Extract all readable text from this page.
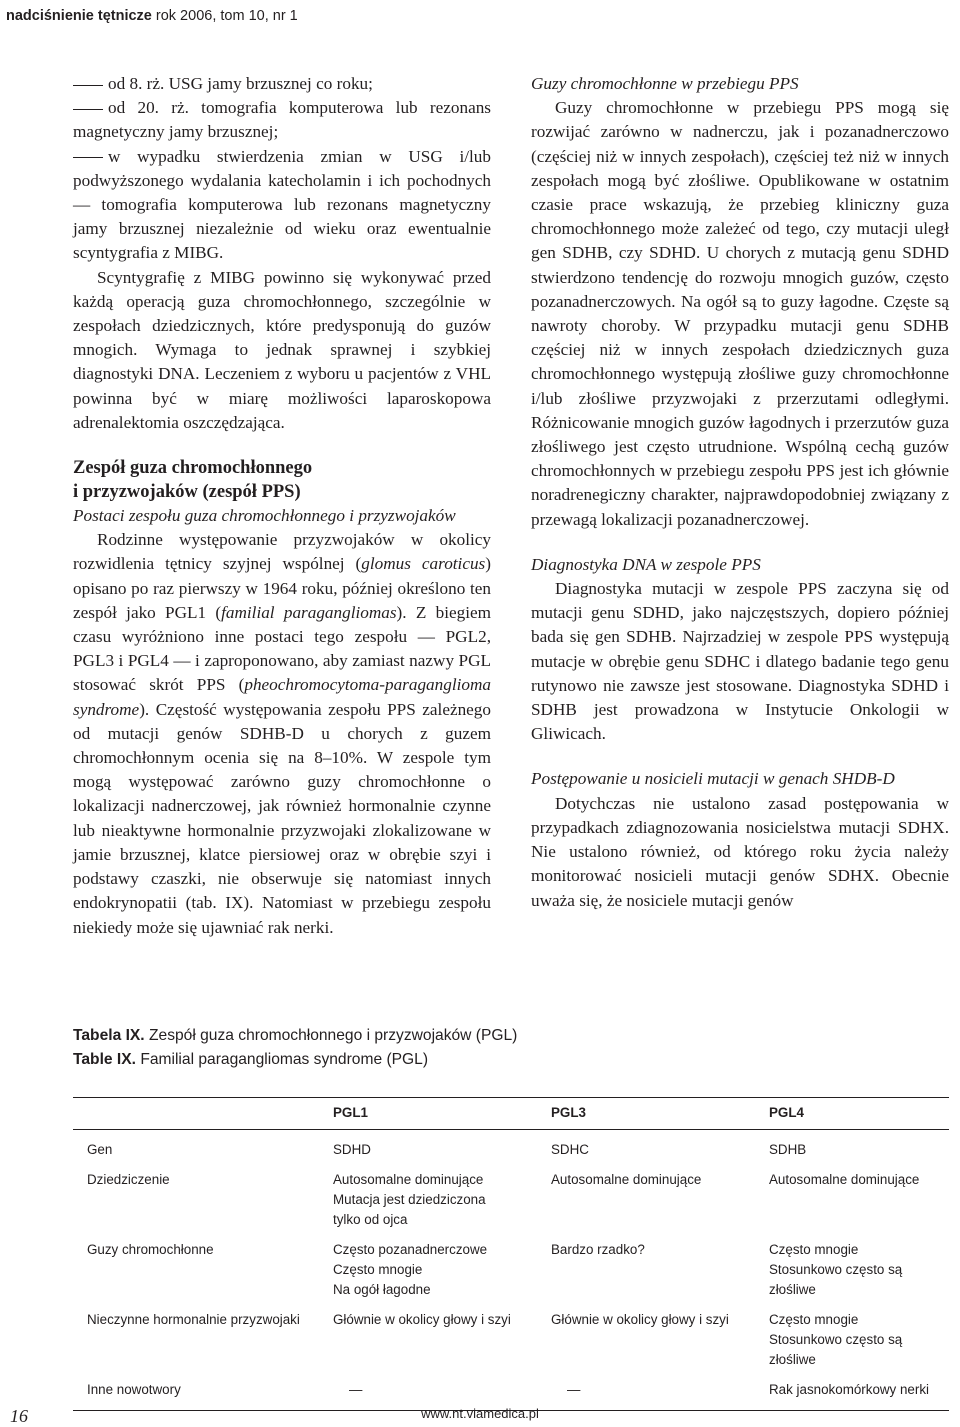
nadciśnienie tętnicze rok 2006, tom 10, nr 1

od 8. rż. USG jamy brzusznej co roku;

od 20. rż. tomografia komputerowa lub rezonans magnetyczny jamy brzusznej;

w wypadku stwierdzenia zmian w USG i/lub podwyższonego wydalania katecholamin i ich pochodnych — tomografia komputerowa lub rezonans magnetyczny jamy brzusznej niezależnie od wieku oraz ewentualnie scyntygrafia z MIBG.

Scyntygrafię z MIBG powinno się wykonywać przed każdą operacją guza chromochłonnego, szczególnie w zespołach dziedzicznych, które predysponują do guzów mnogich. Wymaga to jednak sprawnej i szybkiej diagnostyki DNA. Leczeniem z wyboru u pacjentów z VHL powinna być w miarę możliwości laparoskopowa adrenalektomia oszczędzająca.

Zespół guza chromochłonnego
i przyzwojaków (zespół PPS)

Postaci zespołu guza chromochłonnego i przyzwojaków

Rodzinne występowanie przyzwojaków w okolicy rozwidlenia tętnicy szyjnej wspólnej (glomus caroticus) opisano po raz pierwszy w 1964 roku, później określono ten zespół jako PGL1 (familial paragangliomas). Z biegiem czasu wyróżniono inne postaci tego zespołu — PGL2, PGL3 i PGL4 — i zaproponowano, aby zamiast nazwy PGL stosować skrót PPS (pheochromocytoma-paraganglioma syndrome). Częstość występowania zespołu PPS zależnego od mutacji genów SDHB-D u chorych z guzem chromochłonnym ocenia się na 8–10%. W zespole tym mogą występować zarówno guzy chromochłonne o lokalizacji nadnerczowej, jak również hormonalnie czynne lub nieaktywne hormonalnie przyzwojaki zlokalizowane w jamie brzusznej, klatce piersiowej oraz w obrębie szyi i podstawy czaszki, nie obserwuje się natomiast innych endokrynopatii (tab. IX). Natomiast w przebiegu zespołu niekiedy może się ujawniać rak nerki.

Guzy chromochłonne w przebiegu PPS

Guzy chromochłonne w przebiegu PPS mogą się rozwijać zarówno w nadnerczu, jak i pozanadnerczowo (częściej niż w innych zespołach), częściej też niż w innych zespołach mogą być złośliwe. Opublikowane w ostatnim czasie prace wskazują, że przebieg kliniczny guza chromochłonnego może zależeć od tego, czy mutacji uległ gen SDHB, czy SDHD. U chorych z mutacją genu SDHD stwierdzono tendencję do rozwoju mnogich guzów, często pozanadnerczowych. Na ogół są to guzy łagodne. Częste są nawroty choroby. W przypadku mutacji genu SDHB częściej niż w innych zespołach dziedzicznych guza chromochłonnego występują złośliwe guzy chromochłonne i/lub złośliwe przyzwojaki z przerzutami odległymi. Różnicowanie mnogich guzów łagodnych i przerzutów guza złośliwego jest często utrudnione. Wspólną cechą guzów chromochłonnych w przebiegu zespołu PPS jest ich głównie noradrenegiczny charakter, najprawdopodobniej związany z przewagą lokalizacji pozanadnerczowej.

Diagnostyka DNA w zespole PPS

Diagnostyka mutacji w zespole PPS zaczyna się od mutacji genu SDHD, jako najczęstszych, dopiero później bada się gen SDHB. Najrzadziej w zespole PPS występują mutacje w obrębie genu SDHC i dlatego badanie tego genu rutynowo nie zawsze jest stosowane. Diagnostyka SDHD i SDHB jest prowadzona w Instytucie Onkologii w Gliwicach.

Postępowanie u nosicieli mutacji w genach SHDB-D

Dotychczas nie ustalono zasad postępowania w przypadkach zdiagnozowania nosicielstwa mutacji SDHX. Nie ustalono również, od którego roku życia należy monitorować nosicieli mutacji genów SDHX. Obecnie uważa się, że nosiciele mutacji genów

Tabela IX. Zespół guza chromochłonnego i przyzwojaków (PGL)
Table IX. Familial paragangliomas syndrome (PGL)
	PGL1	PGL3	PGL4
Gen	SDHD	SDHC	SDHB
Dziedziczenie	Autosomalne dominujące
Mutacja jest dziedziczona
tylko od ojca	Autosomalne dominujące	Autosomalne dominujące
Guzy chromochłonne	Często pozanadnerczowe
Często mnogie
Na ogół łagodne	Bardzo rzadko?	Często mnogie
Stosunkowo często są złośliwe
Nieczynne hormonalnie przyzwojaki	Głównie w okolicy głowy i szyi	Głównie w okolicy głowy i szyi	Często mnogie
Stosunkowo często są złośliwe
Inne nowotwory	—	—	Rak jasnokomórkowy nerki
16	www.nt.viamedica.pl
